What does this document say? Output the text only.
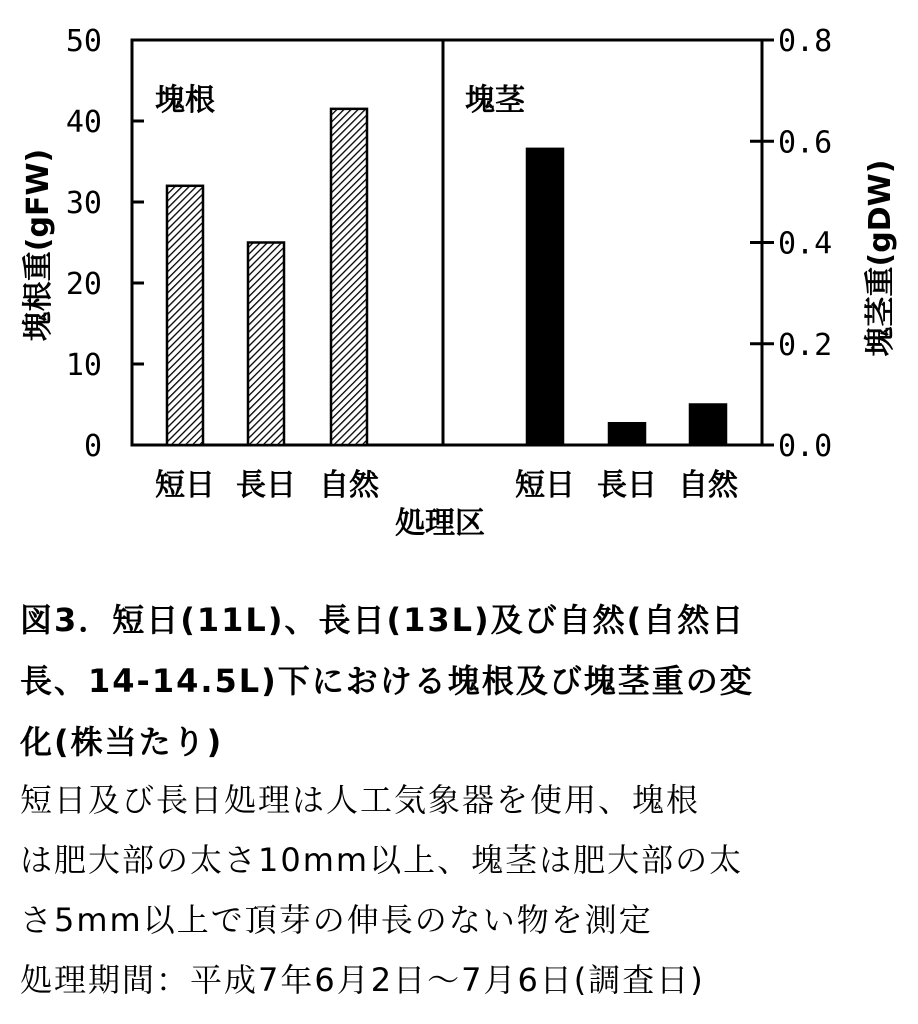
0
10
20
30
40
50
0.0
0.2
0.4
0.6
0.8
短日 長日 自然	短日 長日 自然
塊根	塊茎
塊根重(gFW)	塊茎重(gDW)
処理区
図3．短日(11L)、長日(13L)及び自然(自然日
長、14-14.5L)下における塊根及び塊茎重の変
化(株当たり)
短日及び長日処理は人工気象器を使用、塊根
は肥大部の太さ10mm以上、塊茎は肥大部の太
さ5mm以上で頂芽の伸長のない物を測定
処理期間：平成7年6月2日～7月6日(調査日)
